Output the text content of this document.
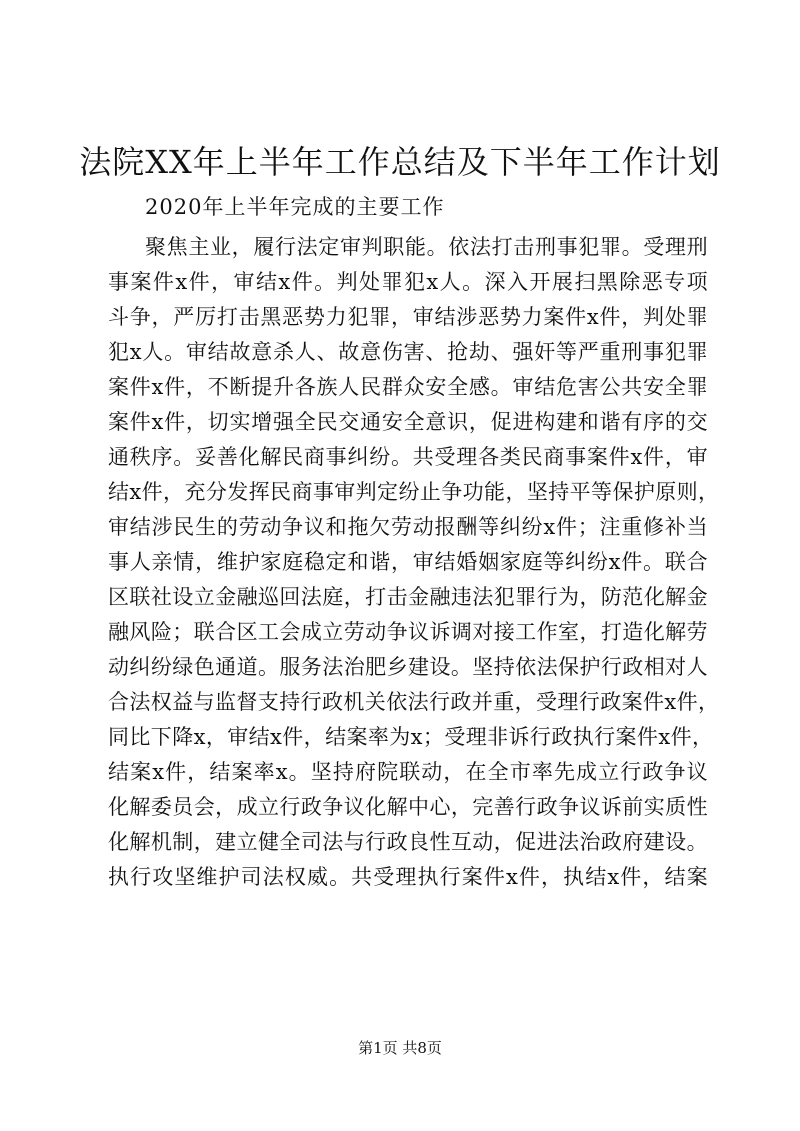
法院XX年上半年工作总结及下半年工作计划

2020年上半年完成的主要工作

聚焦主业，履行法定审判职能。依法打击刑事犯罪。受理刑
事案件x件，审结x件。判处罪犯x人。深入开展扫黑除恶专项
斗争，严厉打击黑恶势力犯罪，审结涉恶势力案件x件，判处罪
犯x人。审结故意杀人、故意伤害、抢劫、强奸等严重刑事犯罪
案件x件，不断提升各族人民群众安全感。审结危害公共安全罪
案件x件，切实增强全民交通安全意识，促进构建和谐有序的交
通秩序。妥善化解民商事纠纷。共受理各类民商事案件x件，审
结x件，充分发挥民商事审判定纷止争功能，坚持平等保护原则，
审结涉民生的劳动争议和拖欠劳动报酬等纠纷x件；注重修补当
事人亲情，维护家庭稳定和谐，审结婚姻家庭等纠纷x件。联合
区联社设立金融巡回法庭，打击金融违法犯罪行为，防范化解金
融风险；联合区工会成立劳动争议诉调对接工作室，打造化解劳
动纠纷绿色通道。服务法治肥乡建设。坚持依法保护行政相对人
合法权益与监督支持行政机关依法行政并重，受理行政案件x件，
同比下降x，审结x件，结案率为x；受理非诉行政执行案件x件，
结案x件，结案率x。坚持府院联动，在全市率先成立行政争议
化解委员会，成立行政争议化解中心，完善行政争议诉前实质性
化解机制，建立健全司法与行政良性互动，促进法治政府建设。
执行攻坚维护司法权威。共受理执行案件x件，执结x件，结案
第1页 共8页
